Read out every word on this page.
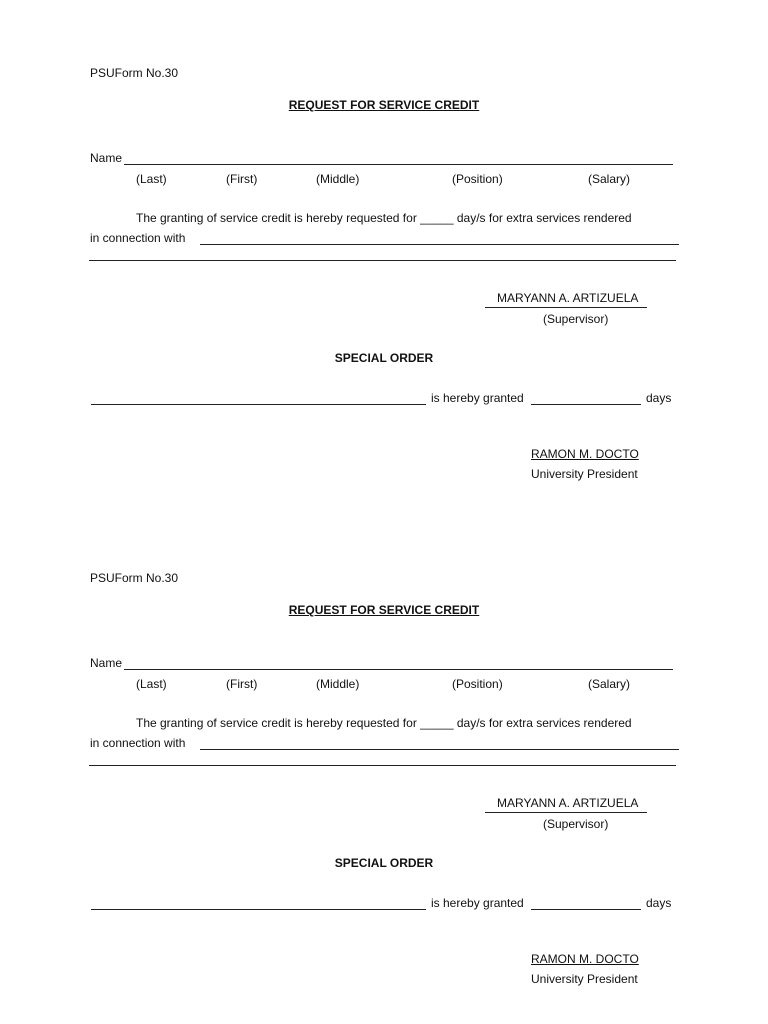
PSUForm No.30
REQUEST FOR SERVICE CREDIT
Name
(Last)	(First)	(Middle)	(Position)	(Salary)
The granting of service credit is hereby requested for _____ day/s for extra services rendered
in connection with
MARYANN A. ARTIZUELA
(Supervisor)
SPECIAL ORDER
is hereby granted	days
RAMON M. DOCTO
University President
PSUForm No.30
REQUEST FOR SERVICE CREDIT
Name
(Last)	(First)	(Middle)	(Position)	(Salary)
The granting of service credit is hereby requested for _____ day/s for extra services rendered
in connection with
MARYANN A. ARTIZUELA
(Supervisor)
SPECIAL ORDER
is hereby granted	days
RAMON M. DOCTO
University President
